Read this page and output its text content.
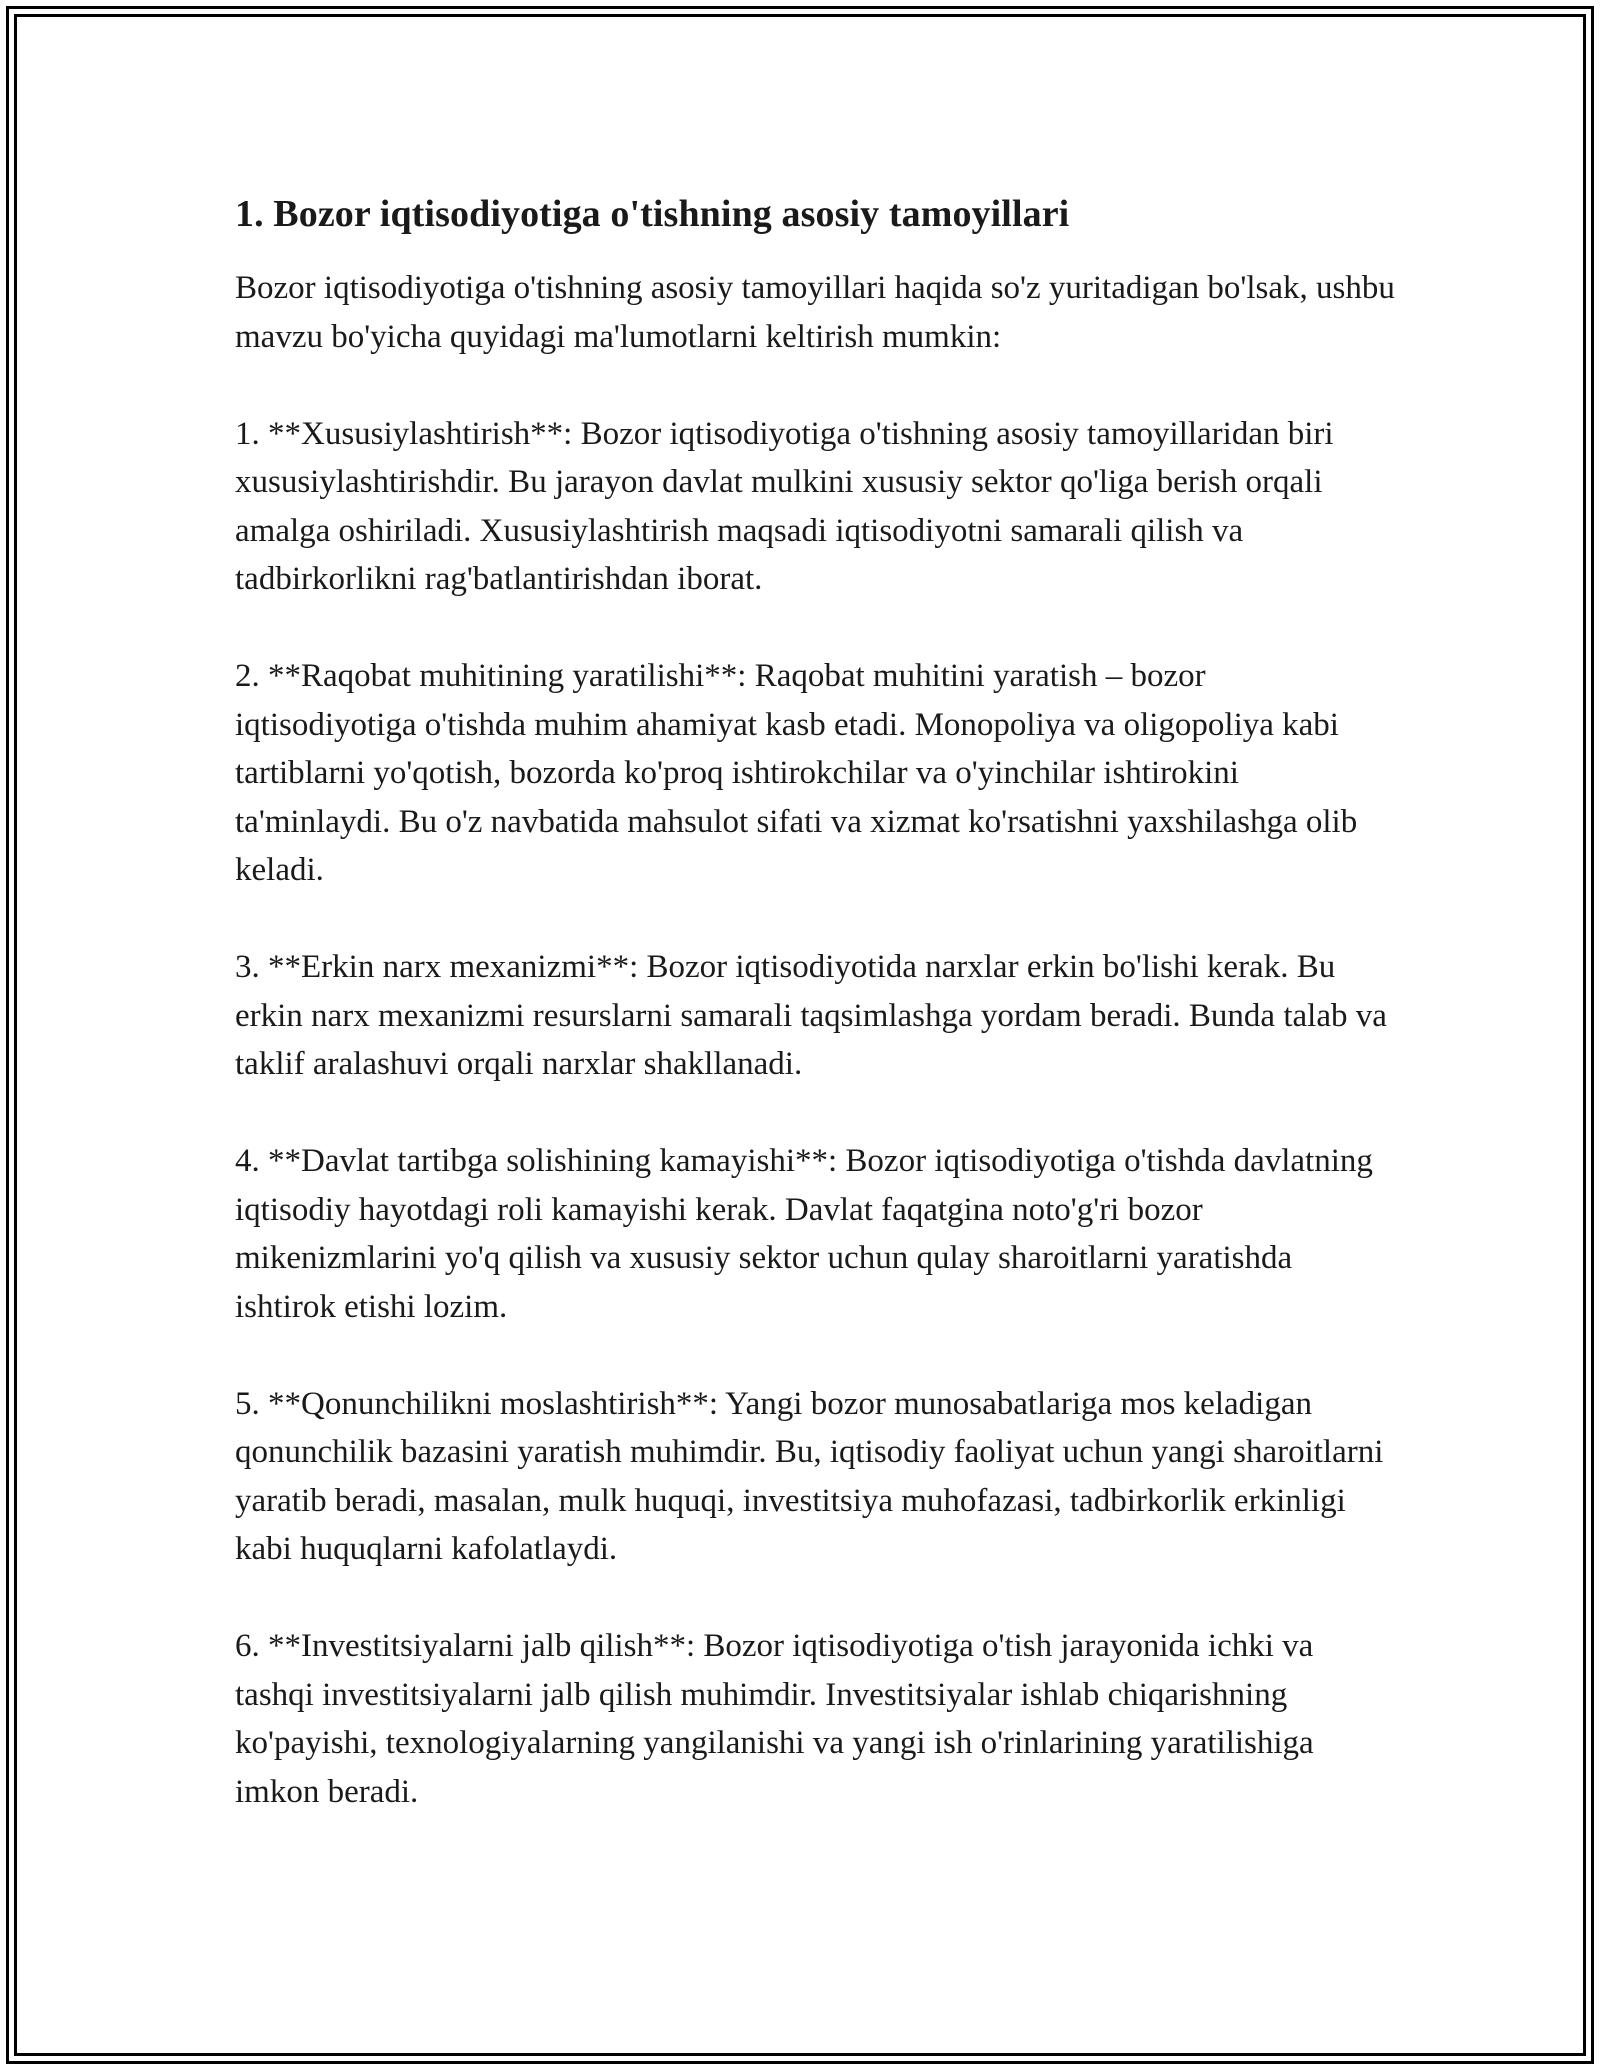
1. Bozor iqtisodiyotiga o'tishning asosiy tamoyillari

Bozor iqtisodiyotiga o'tishning asosiy tamoyillari haqida so'z yuritadigan bo'lsak, ushbu mavzu bo'yicha quyidagi ma'lumotlarni keltirish mumkin:

1. **Xususiylashtirish**: Bozor iqtisodiyotiga o'tishning asosiy tamoyillaridan biri xususiylashtirishdir. Bu jarayon davlat mulkini xususiy sektor qo'liga berish orqali amalga oshiriladi. Xususiylashtirish maqsadi iqtisodiyotni samarali qilish va tadbirkorlikni rag'batlantirishdan iborat.

2. **Raqobat muhitining yaratilishi**: Raqobat muhitini yaratish – bozor iqtisodiyotiga o'tishda muhim ahamiyat kasb etadi. Monopoliya va oligopoliya kabi tartiblarni yo'qotish, bozorda ko'proq ishtirokchilar va o'yinchilar ishtirokini ta'minlaydi. Bu o'z navbatida mahsulot sifati va xizmat ko'rsatishni yaxshilashga olib keladi.

3. **Erkin narx mexanizmi**: Bozor iqtisodiyotida narxlar erkin bo'lishi kerak. Bu erkin narx mexanizmi resurslarni samarali taqsimlashga yordam beradi. Bunda talab va taklif aralashuvi orqali narxlar shakllanadi.

4. **Davlat tartibga solishining kamayishi**: Bozor iqtisodiyotiga o'tishda davlatning iqtisodiy hayotdagi roli kamayishi kerak. Davlat faqatgina noto'g'ri bozor mikenizmlarini yo'q qilish va xususiy sektor uchun qulay sharoitlarni yaratishda ishtirok etishi lozim.

5. **Qonunchilikni moslashtirish**: Yangi bozor munosabatlariga mos keladigan qonunchilik bazasini yaratish muhimdir. Bu, iqtisodiy faoliyat uchun yangi sharoitlarni yaratib beradi, masalan, mulk huquqi, investitsiya muhofazasi, tadbirkorlik erkinligi kabi huquqlarni kafolatlaydi.

6. **Investitsiyalarni jalb qilish**: Bozor iqtisodiyotiga o'tish jarayonida ichki va tashqi investitsiyalarni jalb qilish muhimdir. Investitsiyalar ishlab chiqarishning ko'payishi, texnologiyalarning yangilanishi va yangi ish o'rinlarining yaratilishiga imkon beradi.
